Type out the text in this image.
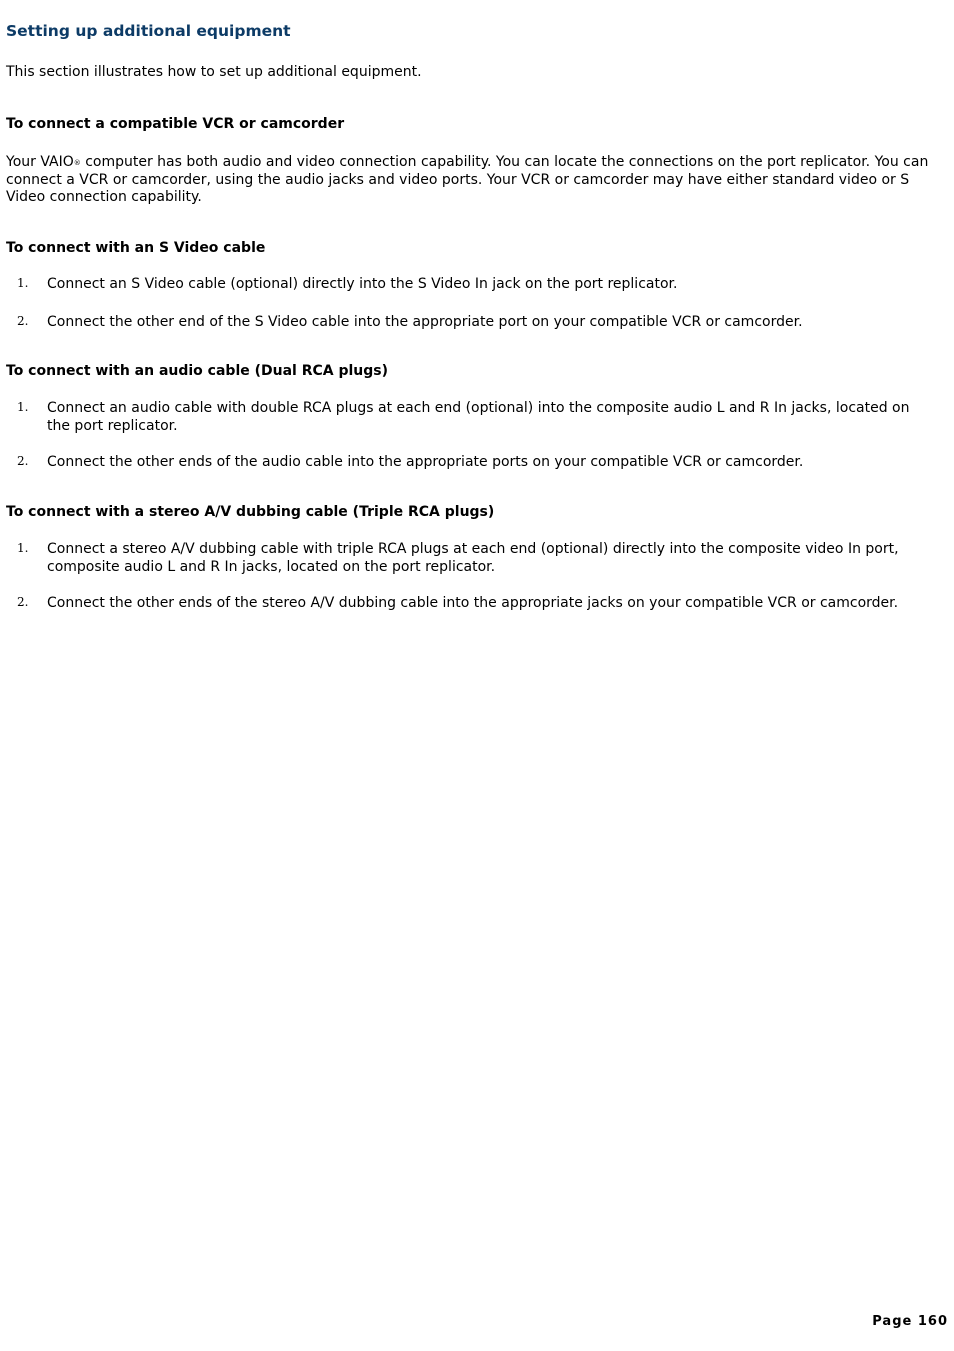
Setting up additional equipment

This section illustrates how to set up additional equipment.

To connect a compatible VCR or camcorder

Your VAIO® computer has both audio and video connection capability. You can locate the connections on the port replicator. You can connect a VCR or camcorder, using the audio jacks and video ports. Your VCR or camcorder may have either standard video or S Video connection capability.

To connect with an S Video cable
1. Connect an S Video cable (optional) directly into the S Video In jack on the port replicator.
2. Connect the other end of the S Video cable into the appropriate port on your compatible VCR or camcorder.
To connect with an audio cable (Dual RCA plugs)
1. Connect an audio cable with double RCA plugs at each end (optional) into the composite audio L and R In jacks, located on the port replicator.
2. Connect the other ends of the audio cable into the appropriate ports on your compatible VCR or camcorder.
To connect with a stereo A/V dubbing cable (Triple RCA plugs)
1. Connect a stereo A/V dubbing cable with triple RCA plugs at each end (optional) directly into the composite video In port, composite audio L and R In jacks, located on the port replicator.
2. Connect the other ends of the stereo A/V dubbing cable into the appropriate jacks on your compatible VCR or camcorder.
Page 160
